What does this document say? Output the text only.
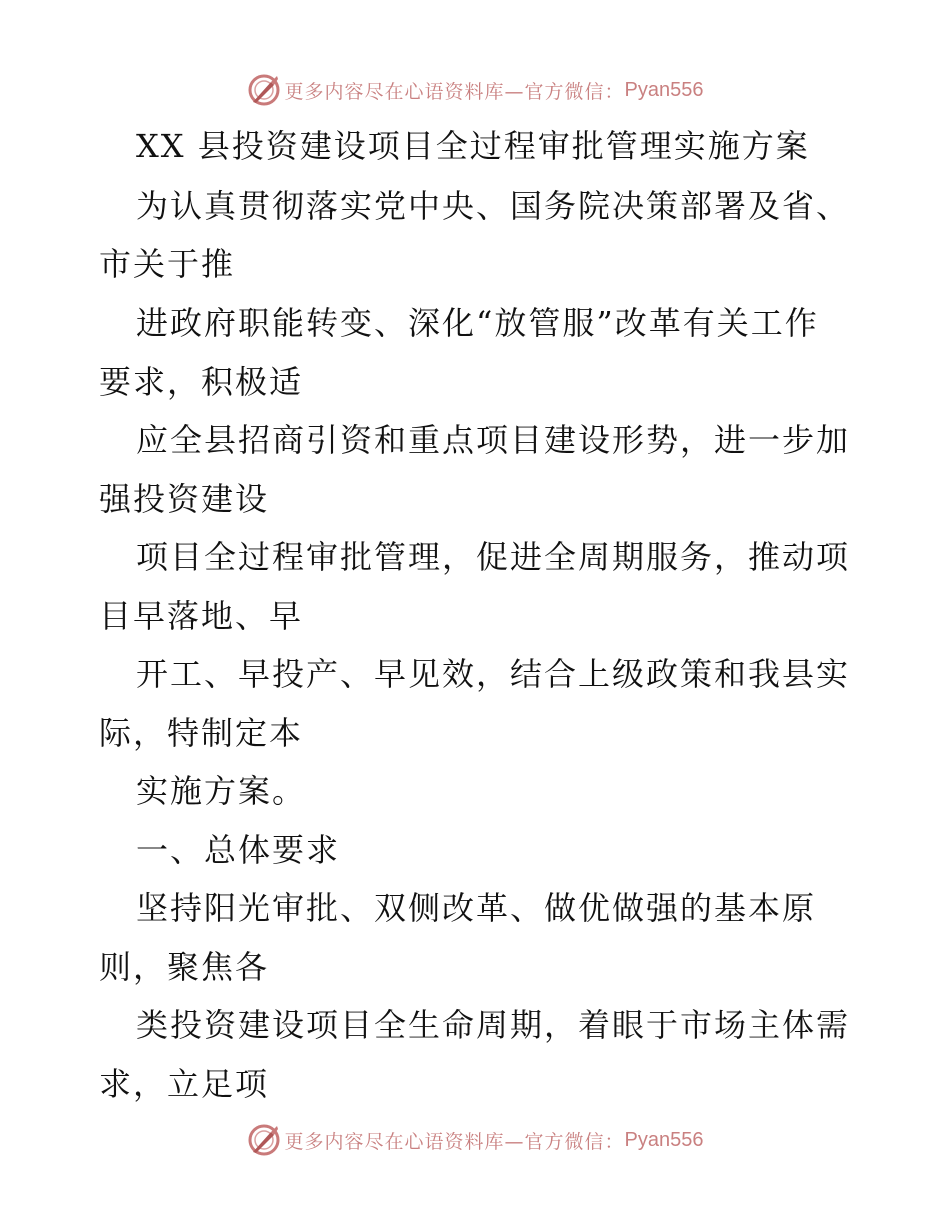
更多内容尽在心语资料库—官方微信： Pyan556
XX 县投资建设项目全过程审批管理实施方案
为认真贯彻落实党中央、国务院决策部署及省、
市关于推
进政府职能转变、深化“放管服”改革有关工作
要求，积极适
应全县招商引资和重点项目建设形势，进一步加
强投资建设
项目全过程审批管理，促进全周期服务，推动项
目早落地、早
开工、早投产、早见效，结合上级政策和我县实
际，特制定本
实施方案。
一、总体要求
坚持阳光审批、双侧改革、做优做强的基本原
则，聚焦各
类投资建设项目全生命周期，着眼于市场主体需
求，立足项
更多内容尽在心语资料库—官方微信： Pyan556
